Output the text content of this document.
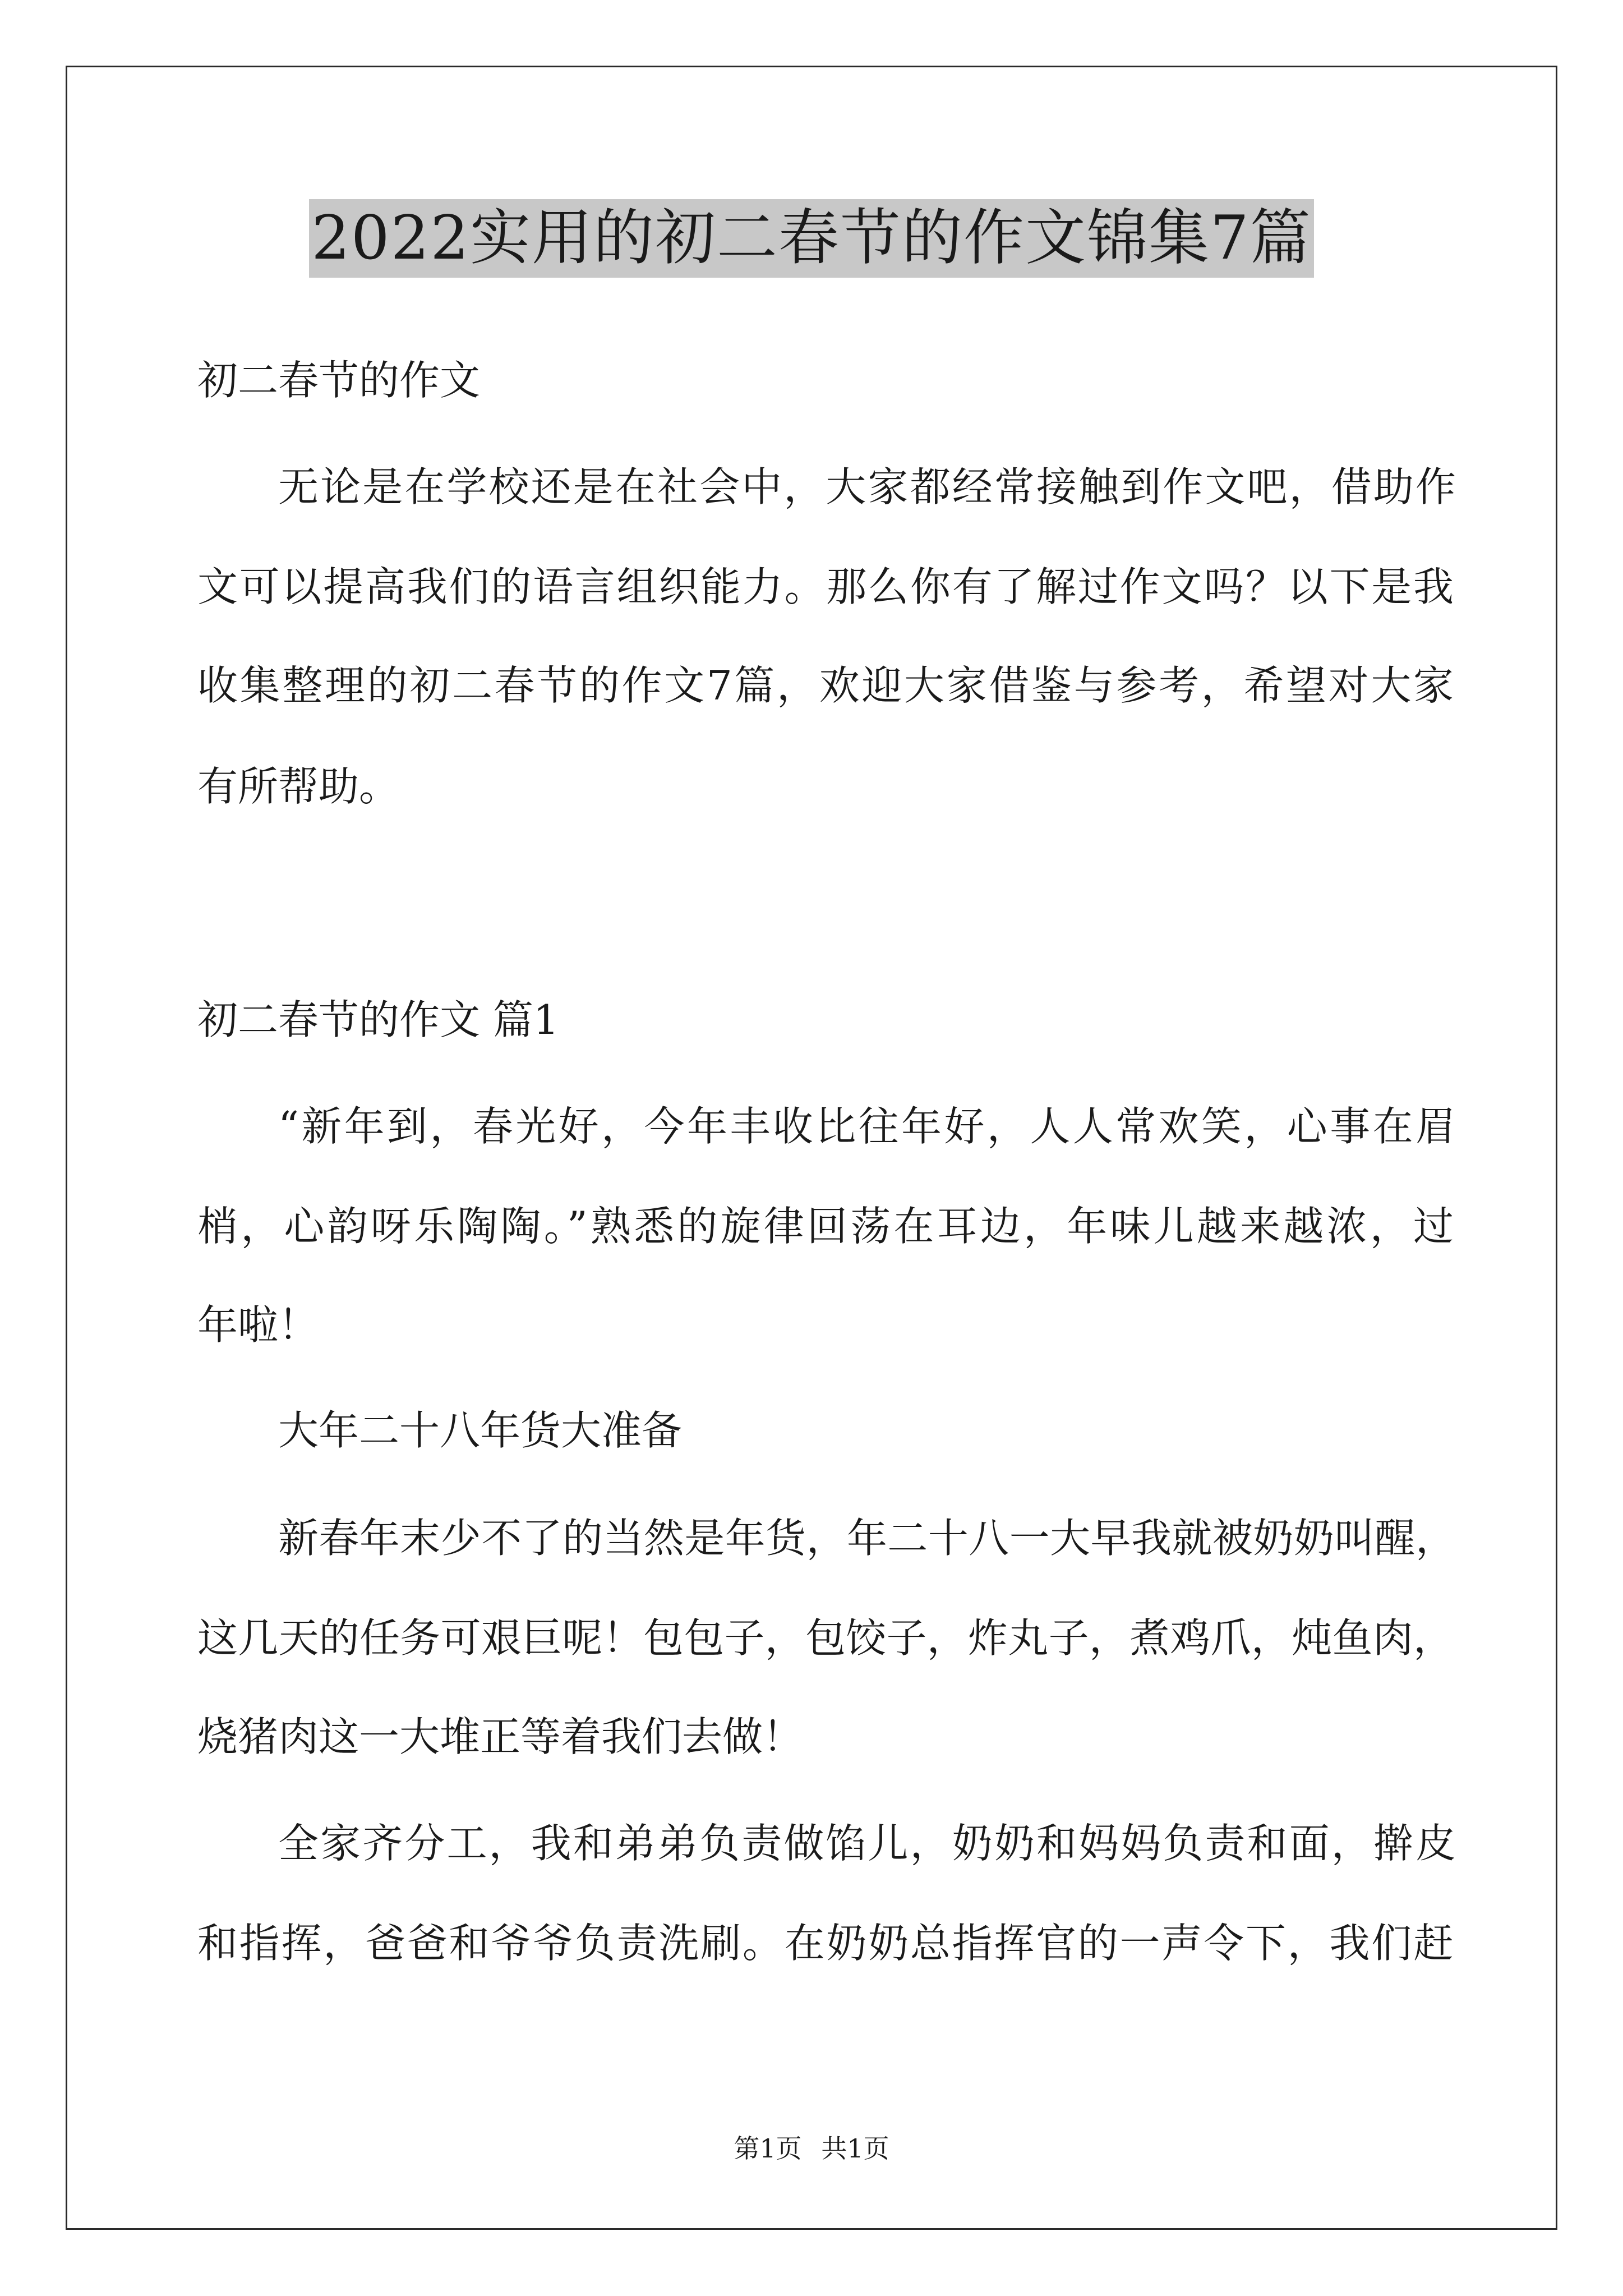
2022实用的初二春节的作文锦集7篇
初二春节的作文
无论是在学校还是在社会中，大家都经常接触到作文吧，借助作
文可以提高我们的语言组织能力。那么你有了解过作文吗？以下是我
收集整理的初二春节的作文7篇，欢迎大家借鉴与参考，希望对大家
有所帮助。
初二春节的作文 篇1
“新年到，春光好，今年丰收比往年好，人人常欢笑，心事在眉
梢，心韵呀乐陶陶。”熟悉的旋律回荡在耳边，年味儿越来越浓，过
年啦！
大年二十八年货大准备
新春年末少不了的当然是年货，年二十八一大早我就被奶奶叫醒，
这几天的任务可艰巨呢！包包子，包饺子，炸丸子，煮鸡爪，炖鱼肉，
烧猪肉这一大堆正等着我们去做！
全家齐分工，我和弟弟负责做馅儿，奶奶和妈妈负责和面，擀皮
和指挥，爸爸和爷爷负责洗刷。在奶奶总指挥官的一声令下，我们赶
第1页 共1页
